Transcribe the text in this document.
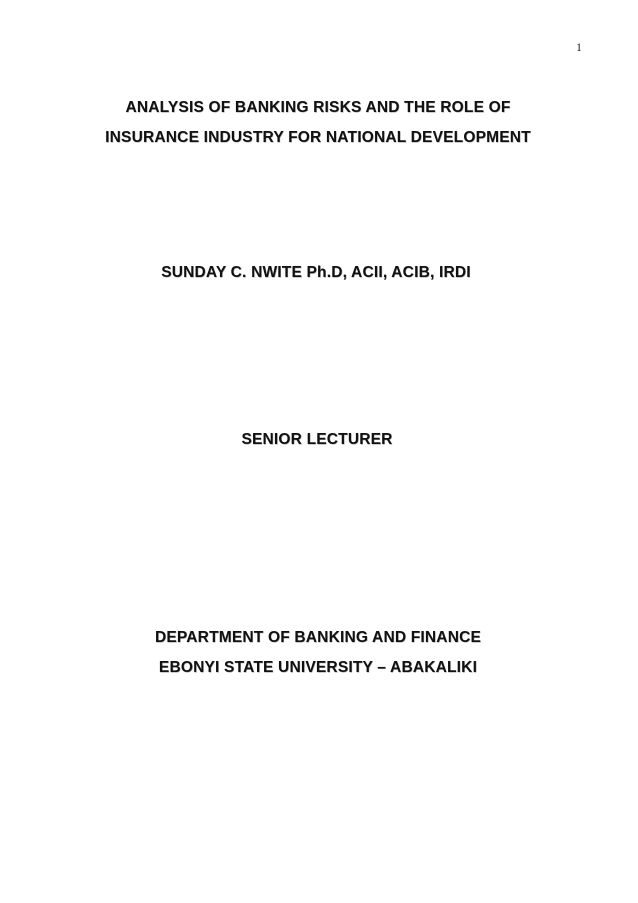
1
ANALYSIS OF BANKING RISKS AND THE ROLE OF
INSURANCE INDUSTRY FOR NATIONAL DEVELOPMENT
SUNDAY C. NWITE Ph.D, ACII, ACIB, IRDI
SENIOR LECTURER
DEPARTMENT OF BANKING AND FINANCE
EBONYI STATE UNIVERSITY – ABAKALIKI
